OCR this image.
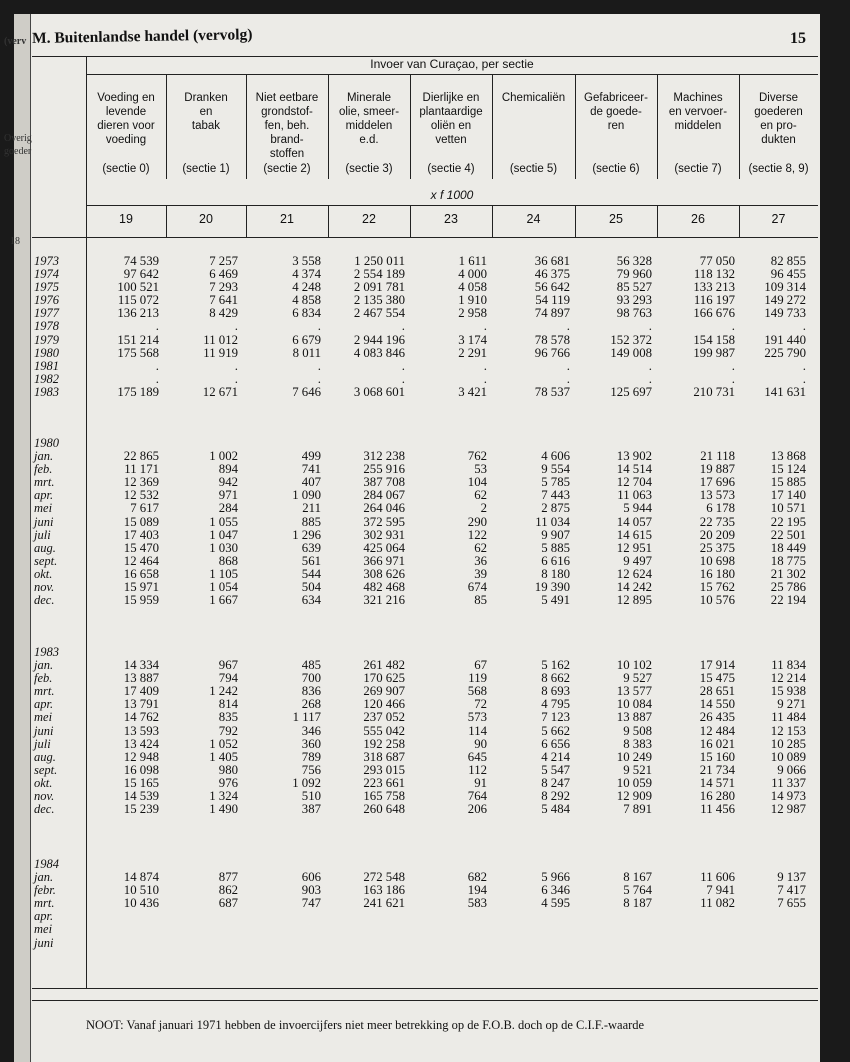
(verv
Overig
goeder
18
M. Buitenlandse handel (vervolg)	15
Invoer van Curaçao, per sectie
x f 1000
Voeding en
levende
dieren voor
voeding
(sectie 0)
19
Dranken
en
tabak
(sectie 1)
20
Niet eetbare
grondstof-
fen, beh.
brand-
stoffen
(sectie 2)
21
Minerale
olie, smeer-
middelen
e.d.
(sectie 3)
22
Dierlijke en
plantaardige
oliën en
vetten
(sectie 4)
23
Chemicaliën
(sectie 5)
24
Gefabriceer-
de goede-
ren
(sectie 6)
25
Machines
en vervoer-
middelen
(sectie 7)
26
Diverse
goederen
en pro-
dukten
(sectie 8, 9)
27
1973
1974
1975
1976
1977
1978
1979
1980
1981
1982
1983
74 539
97 642
100 521
115 072
136 213
.
151 214
175 568
.
.
175 189
7 257
6 469
7 293
7 641
8 429
.
11 012
11 919
.
.
12 671
3 558
4 374
4 248
4 858
6 834
.
6 679
8 011
.
.
7 646
1 250 011
2 554 189
2 091 781
2 135 380
2 467 554
.
2 944 196
4 083 846
.
.
3 068 601
1 611
4 000
4 058
1 910
2 958
.
3 174
2 291
.
.
3 421
36 681
46 375
56 642
54 119
74 897
.
78 578
96 766
.
.
78 537
56 328
79 960
85 527
93 293
98 763
.
152 372
149 008
.
.
125 697
77 050
118 132
133 213
116 197
166 676
.
154 158
199 987
.
.
210 731
82 855
96 455
109 314
149 272
149 733
.
191 440
225 790
.
.
141 631
1980
jan.
feb.
mrt.
apr.
mei
juni
juli
aug.
sept.
okt.
nov.
dec.

22 865
11 171
12 369
12 532
7 617
15 089
17 403
15 470
12 464
16 658
15 971
15 959

1 002
894
942
971
284
1 055
1 047
1 030
868
1 105
1 054
1 667

499
741
407
1 090
211
885
1 296
639
561
544
504
634

312 238
255 916
387 708
284 067
264 046
372 595
302 931
425 064
366 971
308 626
482 468
321 216

762
53
104
62
2
290
122
62
36
39
674
85

4 606
9 554
5 785
7 443
2 875
11 034
9 907
5 885
6 616
8 180
19 390
5 491

13 902
14 514
12 704
11 063
5 944
14 057
14 615
12 951
9 497
12 624
14 242
12 895

21 118
19 887
17 696
13 573
6 178
22 735
20 209
25 375
10 698
16 180
15 762
10 576

13 868
15 124
15 885
17 140
10 571
22 195
22 501
18 449
18 775
21 302
25 786
22 194
1983
jan.
feb.
mrt.
apr.
mei
juni
juli
aug.
sept.
okt.
nov.
dec.

14 334
13 887
17 409
13 791
14 762
13 593
13 424
12 948
16 098
15 165
14 539
15 239

967
794
1 242
814
835
792
1 052
1 405
980
976
1 324
1 490

485
700
836
268
1 117
346
360
789
756
1 092
510
387

261 482
170 625
269 907
120 466
237 052
555 042
192 258
318 687
293 015
223 661
165 758
260 648

67
119
568
72
573
114
90
645
112
91
764
206

5 162
8 662
8 693
4 795
7 123
5 662
6 656
4 214
5 547
8 247
8 292
5 484

10 102
9 527
13 577
10 084
13 887
9 508
8 383
10 249
9 521
10 059
12 909
7 891

17 914
15 475
28 651
14 550
26 435
12 484
16 021
15 160
21 734
14 571
16 280
11 456

11 834
12 214
15 938
9 271
11 484
12 153
10 285
10 089
9 066
11 337
14 973
12 987
1984
jan.
febr.
mrt.
apr.
mei
juni

14 874
10 510
10 436

877
862
687

606
903
747

272 548
163 186
241 621

682
194
583

5 966
6 346
4 595

8 167
5 764
8 187

11 606
7 941
11 082

9 137
7 417
7 655
NOOT: Vanaf januari 1971 hebben de invoercijfers niet meer betrekking op de F.O.B. doch op de C.I.F.-waarde
